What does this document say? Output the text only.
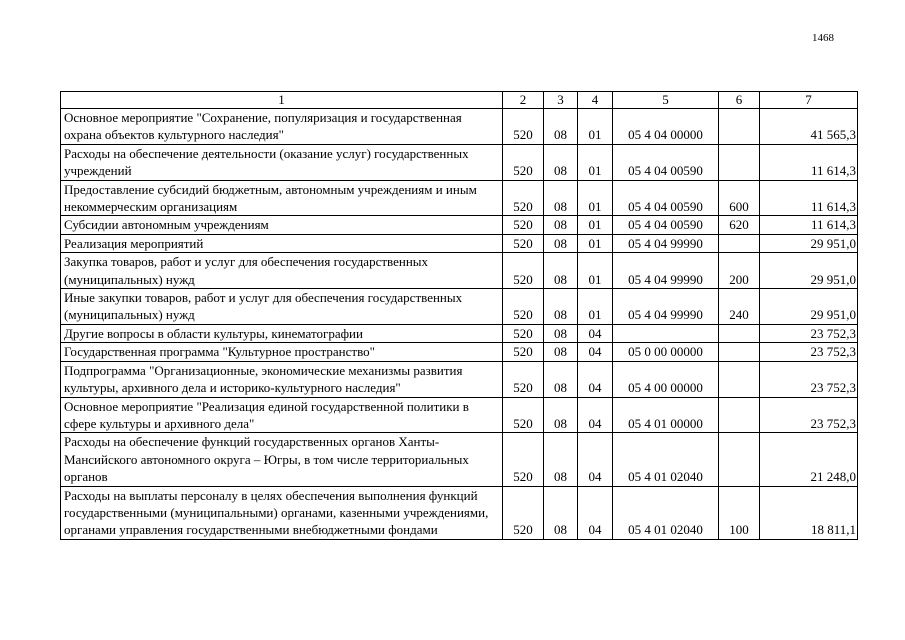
1468
1	2	3	4	5	6	7
Основное мероприятие "Сохранение, популяризация и государственная охрана объектов культурного наследия"	520	08	01	05 4 04 00000		41 565,3
Расходы на обеспечение деятельности (оказание услуг) государственных учреждений	520	08	01	05 4 04 00590		11 614,3
Предоставление субсидий бюджетным, автономным учреждениям и иным некоммерческим организациям	520	08	01	05 4 04 00590	600	11 614,3
Субсидии автономным учреждениям	520	08	01	05 4 04 00590	620	11 614,3
Реализация мероприятий	520	08	01	05 4 04 99990		29 951,0
Закупка товаров, работ и услуг для обеспечения государственных (муниципальных) нужд	520	08	01	05 4 04 99990	200	29 951,0
Иные закупки товаров, работ и услуг для обеспечения государственных (муниципальных) нужд	520	08	01	05 4 04 99990	240	29 951,0
Другие вопросы в области культуры, кинематографии	520	08	04			23 752,3
Государственная программа "Культурное пространство"	520	08	04	05 0 00 00000		23 752,3
Подпрограмма "Организационные, экономические механизмы развития культуры, архивного дела и историко-культурного наследия"	520	08	04	05 4 00 00000		23 752,3
Основное мероприятие "Реализация единой государственной политики в сфере культуры и архивного дела"	520	08	04	05 4 01 00000		23 752,3
Расходы на обеспечение функций государственных органов Ханты-Мансийского автономного округа – Югры, в том числе территориальных органов	520	08	04	05 4 01 02040		21 248,0
Расходы на выплаты персоналу в целях обеспечения выполнения функций государственными (муниципальными) органами, казенными учреждениями, органами управления государственными внебюджетными фондами	520	08	04	05 4 01 02040	100	18 811,1
